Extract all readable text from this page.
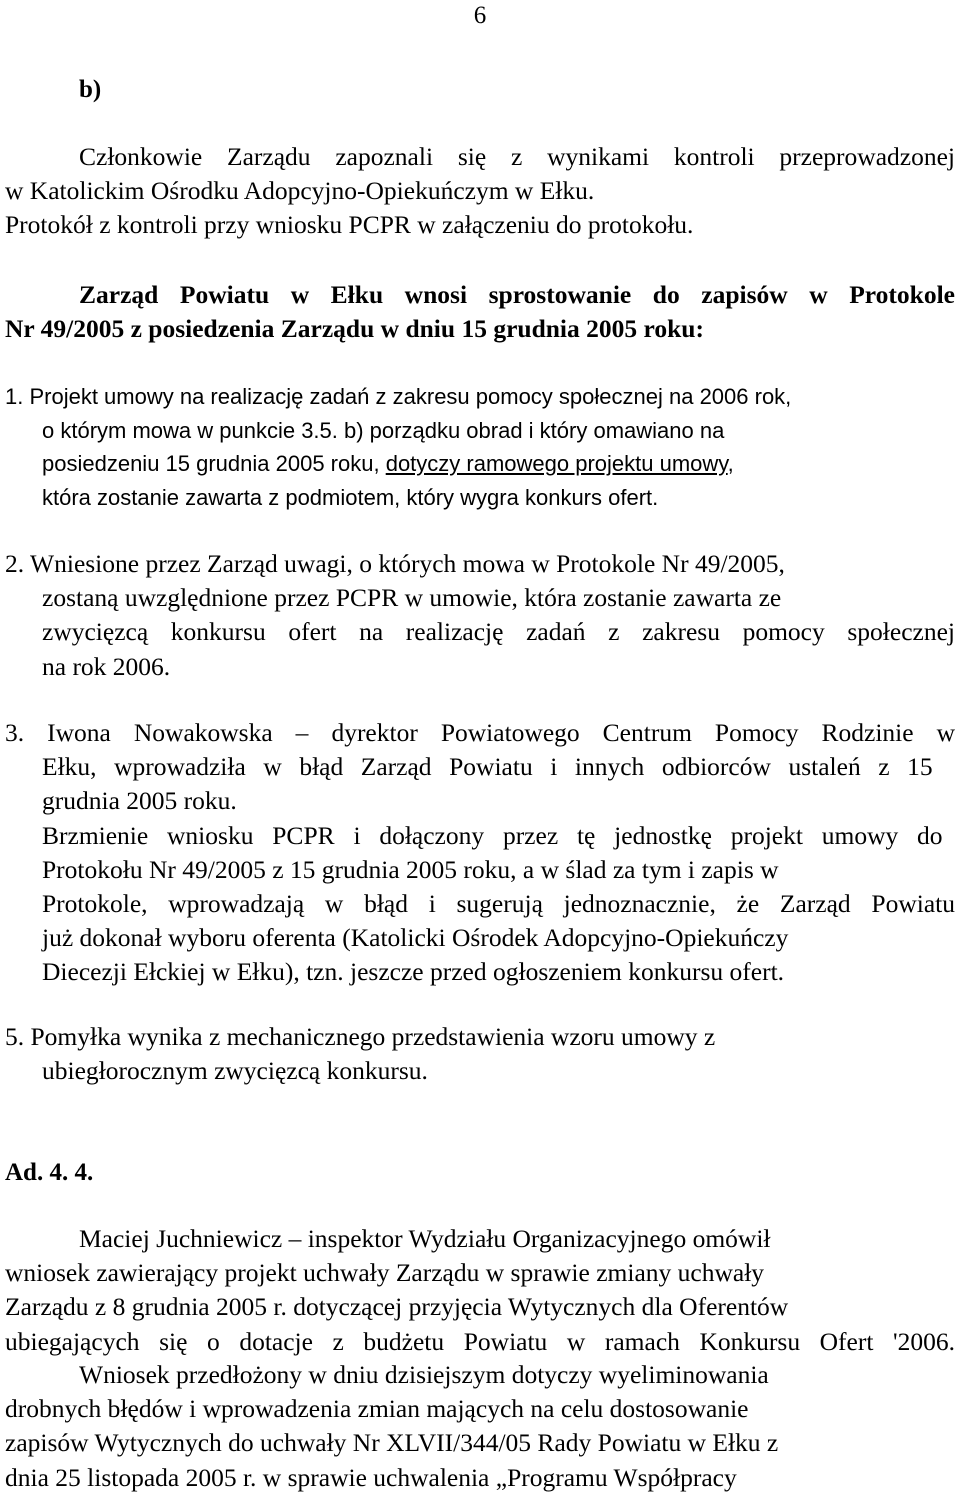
6
b)
Członkowie Zarządu zapoznali się z wynikami kontroli przeprowadzonej
w Katolickim Ośrodku Adopcyjno-Opiekuńczym w Ełku.
Protokół z kontroli przy wniosku PCPR w załączeniu do protokołu.
Zarząd Powiatu w Ełku wnosi sprostowanie do zapisów w Protokole
Nr 49/2005 z posiedzenia Zarządu w dniu 15 grudnia 2005 roku:
1. Projekt umowy na realizację zadań z zakresu pomocy społecznej na 2006 rok,
o którym mowa w punkcie 3.5. b) porządku obrad i który omawiano na
posiedzeniu 15 grudnia 2005 roku, dotyczy ramowego projektu umowy,
która zostanie zawarta z podmiotem, który wygra konkurs ofert.
2. Wniesione przez Zarząd uwagi, o których mowa w Protokole Nr 49/2005,
zostaną uwzględnione przez PCPR w umowie, która zostanie zawarta ze
zwycięzcą konkursu ofert na realizację zadań z zakresu pomocy społecznej
na rok 2006.
3. Iwona Nowakowska – dyrektor Powiatowego Centrum Pomocy Rodzinie w
Ełku, wprowadziła w błąd Zarząd Powiatu i innych odbiorców ustaleń z 15
grudnia 2005 roku.
Brzmienie wniosku PCPR i dołączony przez tę jednostkę projekt umowy do
Protokołu Nr 49/2005 z 15 grudnia 2005 roku, a w ślad za tym i zapis w
Protokole, wprowadzają w błąd i sugerują jednoznacznie, że Zarząd Powiatu
już dokonał wyboru oferenta (Katolicki Ośrodek Adopcyjno-Opiekuńczy
Diecezji Ełckiej w Ełku), tzn. jeszcze przed ogłoszeniem konkursu ofert.
5. Pomyłka wynika z mechanicznego przedstawienia wzoru umowy z
ubiegłorocznym zwycięzcą konkursu.
Ad. 4. 4.
Maciej Juchniewicz – inspektor Wydziału Organizacyjnego omówił
wniosek zawierający projekt uchwały Zarządu w sprawie zmiany uchwały
Zarządu z 8 grudnia 2005 r. dotyczącej przyjęcia Wytycznych dla Oferentów
ubiegających się o dotacje z budżetu Powiatu w ramach Konkursu Ofert '2006.
Wniosek przedłożony w dniu dzisiejszym dotyczy wyeliminowania
drobnych błędów i wprowadzenia zmian mających na celu dostosowanie
zapisów Wytycznych do uchwały Nr XLVII/344/05 Rady Powiatu w Ełku z
dnia 25 listopada 2005 r. w sprawie uchwalenia „Programu Współpracy
